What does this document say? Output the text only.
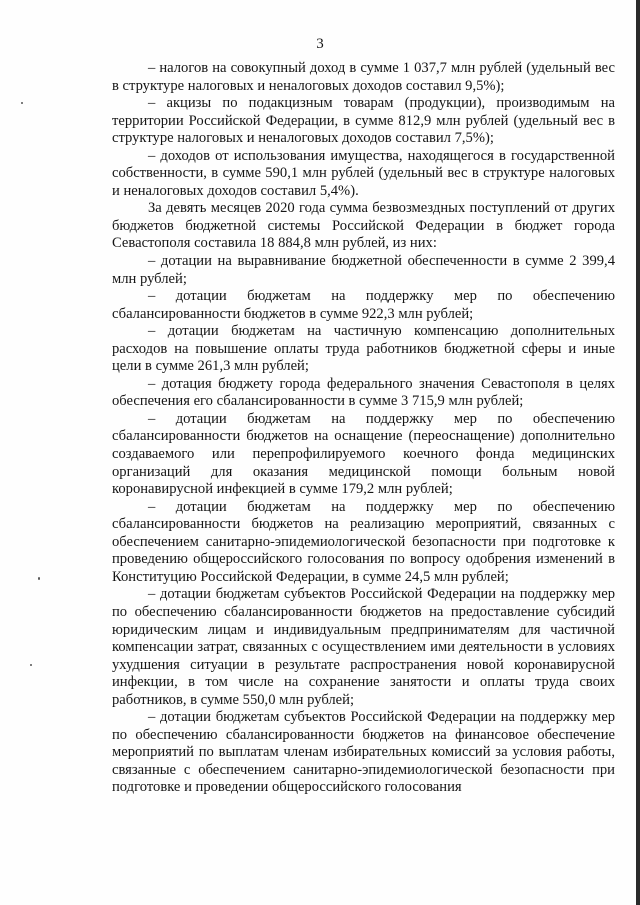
3

– налогов на совокупный доход в сумме 1 037,7 млн рублей (удельный вес в структуре налоговых и неналоговых доходов составил 9,5%);

– акцизы по подакцизным товарам (продукции), производимым на территории Российской Федерации, в сумме 812,9 млн рублей (удельный вес в структуре налоговых и неналоговых доходов составил 7,5%);

– доходов от использования имущества, находящегося в государственной собственности, в сумме 590,1 млн рублей (удельный вес в структуре налоговых и неналоговых доходов составил 5,4%).

За девять месяцев 2020 года сумма безвозмездных поступлений от других бюджетов бюджетной системы Российской Федерации в бюджет города Севастополя составила 18 884,8 млн рублей, из них:

– дотации на выравнивание бюджетной обеспеченности в сумме 2 399,4 млн рублей;

– дотации бюджетам на поддержку мер по обеспечению сбалансированности бюджетов в сумме 922,3 млн рублей;

– дотации бюджетам на частичную компенсацию дополнительных расходов на повышение оплаты труда работников бюджетной сферы и иные цели в сумме 261,3 млн рублей;

– дотация бюджету города федерального значения Севастополя в целях обеспечения его сбалансированности в сумме 3 715,9 млн рублей;

– дотации бюджетам на поддержку мер по обеспечению сбалансированности бюджетов на оснащение (переоснащение) дополнительно создаваемого или перепрофилируемого коечного фонда медицинских организаций для оказания медицинской помощи больным новой коронавирусной инфекцией в сумме 179,2 млн рублей;

– дотации бюджетам на поддержку мер по обеспечению сбалансированности бюджетов на реализацию мероприятий, связанных с обеспечением санитарно-эпидемиологической безопасности при подготовке к проведению общероссийского голосования по вопросу одобрения изменений в Конституцию Российской Федерации, в сумме 24,5 млн рублей;

– дотации бюджетам субъектов Российской Федерации на поддержку мер по обеспечению сбалансированности бюджетов на предоставление субсидий юридическим лицам и индивидуальным предпринимателям для частичной компенсации затрат, связанных с осуществлением ими деятельности в условиях ухудшения ситуации в результате распространения новой коронавирусной инфекции, в том числе на сохранение занятости и оплаты труда своих работников, в сумме 550,0 млн рублей;

– дотации бюджетам субъектов Российской Федерации на поддержку мер по обеспечению сбалансированности бюджетов на финансовое обеспечение мероприятий по выплатам членам избирательных комиссий за условия работы, связанные с обеспечением санитарно-эпидемиологической безопасности при подготовке и проведении общероссийского голосования
